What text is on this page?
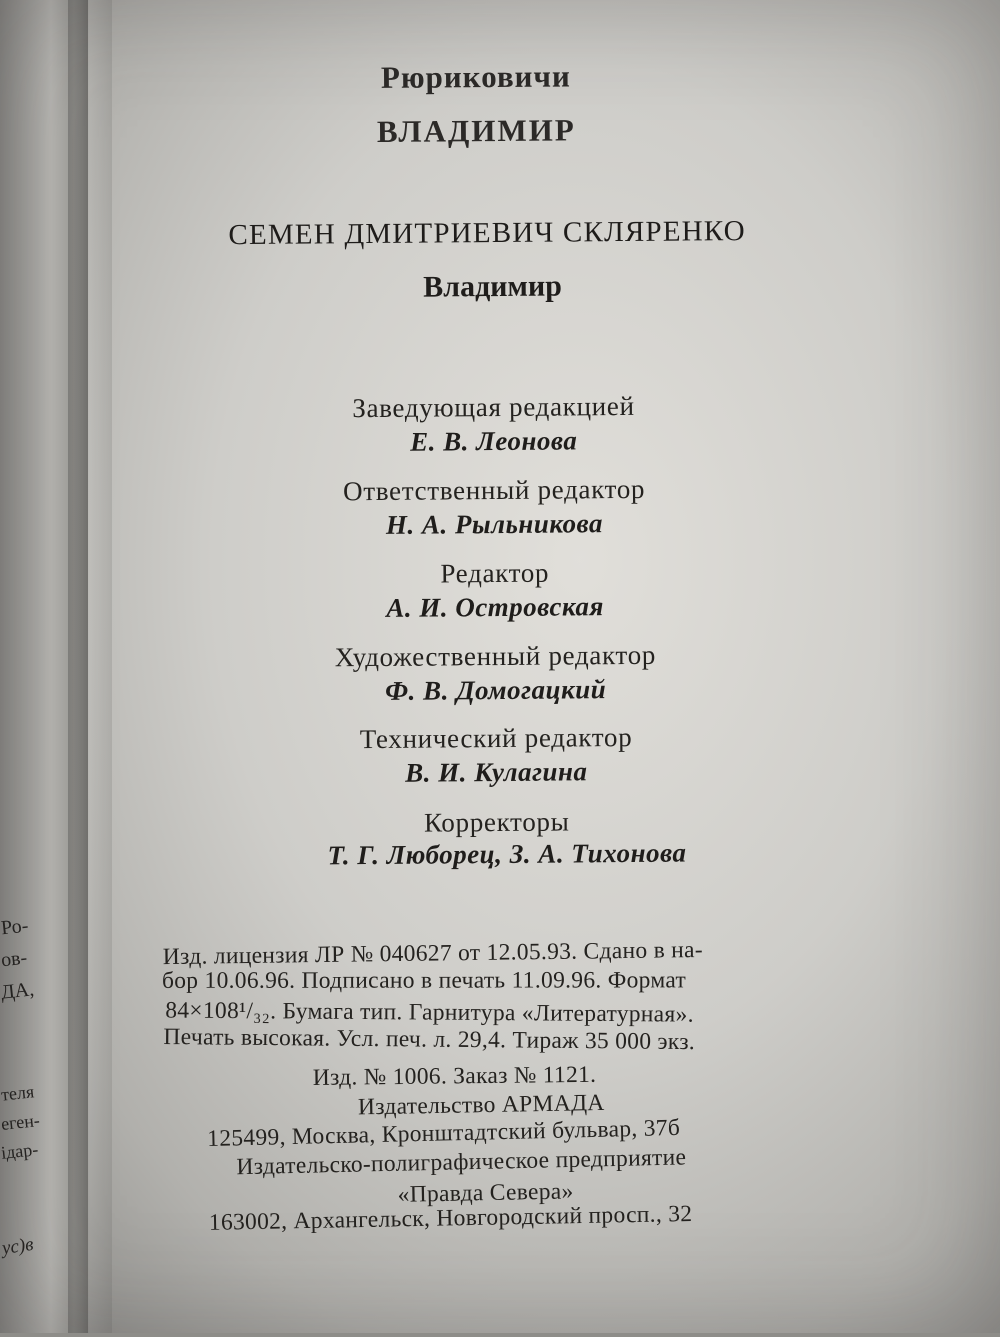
Ро-
ов-
ДА,
теля
еген-
ідар-
ус)в
Рюриковичи
ВЛАДИМИР
СЕМЕН ДМИТРИЕВИЧ СКЛЯРЕНКО
Владимир
Заведующая редакцией
Е. В. Леонова
Ответственный редактор
Н. А. Рыльникова
Редактор
А. И. Островская
Художественный редактор
Ф. В. Домогацкий
Технический редактор
В. И. Кулагина
Корректоры
Т. Г. Люборец, З. А. Тихонова
Изд. лицензия ЛР № 040627 от 12.05.93. Сдано в на-
бор 10.06.96. Подписано в печать 11.09.96. Формат
84×108¹/₃₂. Бумага тип. Гарнитура «Литературная».
Печать высокая. Усл. печ. л. 29,4. Тираж 35 000 экз.
Изд. № 1006. Заказ № 1121.
Издательство АРМАДА
125499, Москва, Кронштадтский бульвар, 37б
Издательско-полиграфическое предприятие
«Правда Севера»
163002, Архангельск, Новгородский просп., 32
